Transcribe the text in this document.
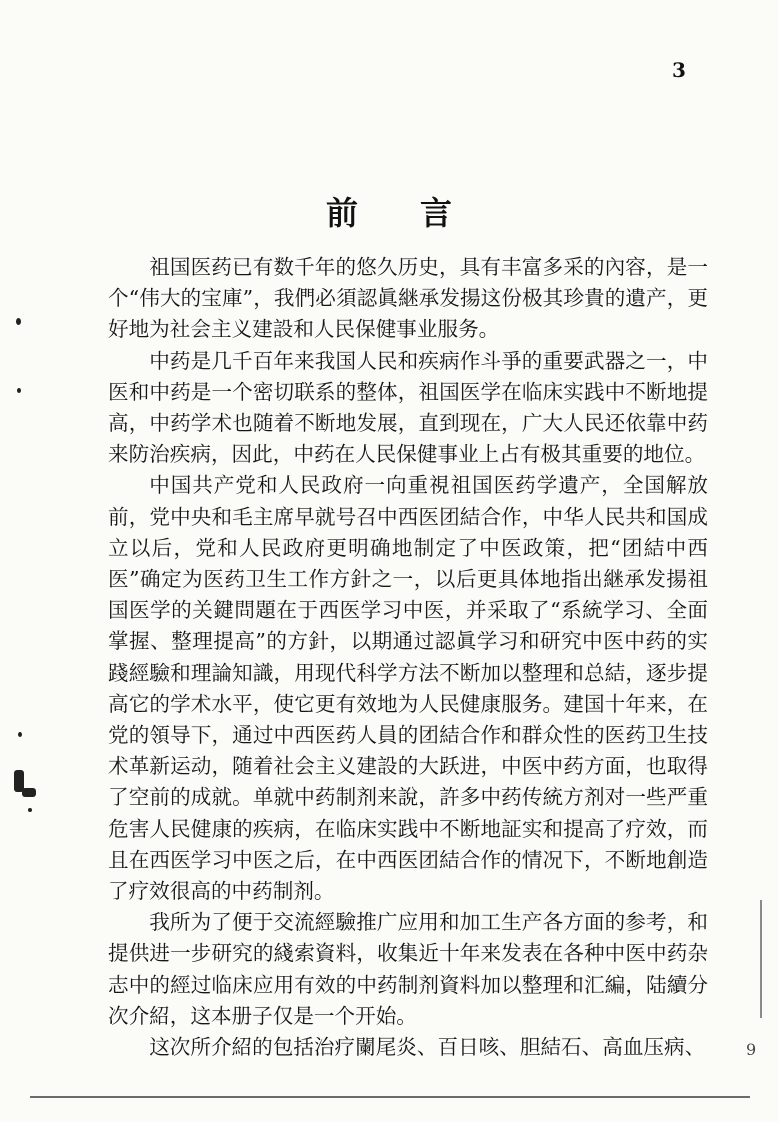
3
前言

祖国医药已有数千年的悠久历史，具有丰富多采的內容，是一个“伟大的宝庫”，我們必須認眞継承发揚这份极其珍貴的遺产，更好地为社会主义建設和人民保健事业服务。

中药是几千百年来我国人民和疾病作斗爭的重要武器之一，中医和中药是一个密切联系的整体，祖国医学在临床实践中不断地提高，中药学术也随着不断地发展，直到现在，广大人民还依靠中药来防治疾病，因此，中药在人民保健事业上占有极其重要的地位。

中国共产党和人民政府一向重視祖国医药学遺产，全国解放前，党中央和毛主席早就号召中西医团結合作，中华人民共和国成立以后，党和人民政府更明确地制定了中医政策，把“团結中西医”确定为医药卫生工作方針之一，以后更具体地指出継承发揚祖国医学的关鍵問題在于西医学习中医，并采取了“系統学习、全面掌握、整理提高”的方針，以期通过認眞学习和研究中医中药的实踐經驗和理論知識，用现代科学方法不断加以整理和总結，逐步提高它的学术水平，使它更有效地为人民健康服务。建国十年来，在党的領导下，通过中西医药人員的团結合作和群众性的医药卫生技术革新运动，随着社会主义建設的大跃进，中医中药方面，也取得了空前的成就。单就中药制剂来說，許多中药传統方剂对一些严重危害人民健康的疾病，在临床实践中不断地証实和提高了疗效，而且在西医学习中医之后，在中西医团結合作的情况下，不断地創造了疗效很高的中药制剂。

我所为了便于交流經驗推广应用和加工生产各方面的参考，和提供进一步研究的綫索資料，收集近十年来发表在各种中医中药杂志中的經过临床应用有效的中药制剂資料加以整理和汇編，陆續分次介紹，这本册子仅是一个开始。

这次所介紹的包括治疗闌尾炎、百日咳、胆結石、高血压病、	9
